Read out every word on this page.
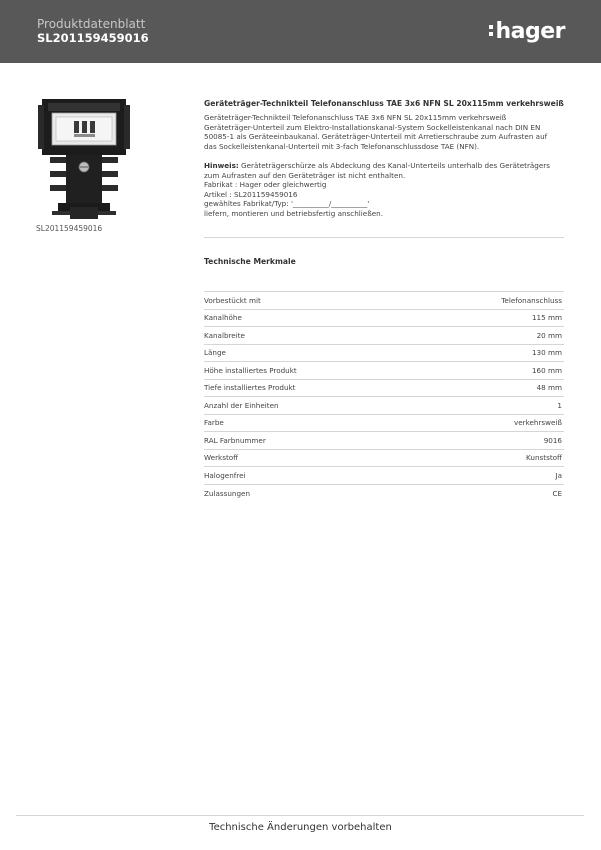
Produktdatenblatt
SL201159459016	hager
SL201159459016
Geräteträger-Technikteil Telefonanschluss TAE 3x6 NFN SL 20x115mm verkehrsweiß

Geräteträger-Technikteil Telefonanschluss TAE 3x6 NFN SL 20x115mm verkehrsweiß

Geräteträger-Unterteil zum Elektro-Installationskanal-System Sockelleistenkanal nach DIN EN

50085-1 als Geräteeinbaukanal. Geräteträger-Unterteil mit Arretierschraube zum Aufrasten auf

das Sockelleistenkanal-Unterteil mit 3-fach Telefonanschlussdose TAE (NFN).

Hinweis: Geräteträgerschürze als Abdeckung des Kanal-Unterteils unterhalb des Geräteträgers

zum Aufrasten auf den Geräteträger ist nicht enthalten.

Fabrikat : Hager oder gleichwertig

Artikel : SL201159459016

gewähltes Fabrikat/Typ: '__________/__________'

liefern, montieren und betriebsfertig anschließen.

Technische Merkmale
Vorbestückt mit	Telefonanschluss
Kanalhöhe	115 mm
Kanalbreite	20 mm
Länge	130 mm
Höhe installiertes Produkt	160 mm
Tiefe installiertes Produkt	48 mm
Anzahl der Einheiten	1
Farbe	verkehrsweiß
RAL Farbnummer	9016
Werkstoff	Kunststoff
Halogenfrei	Ja
Zulassungen	CE
Technische Änderungen vorbehalten
